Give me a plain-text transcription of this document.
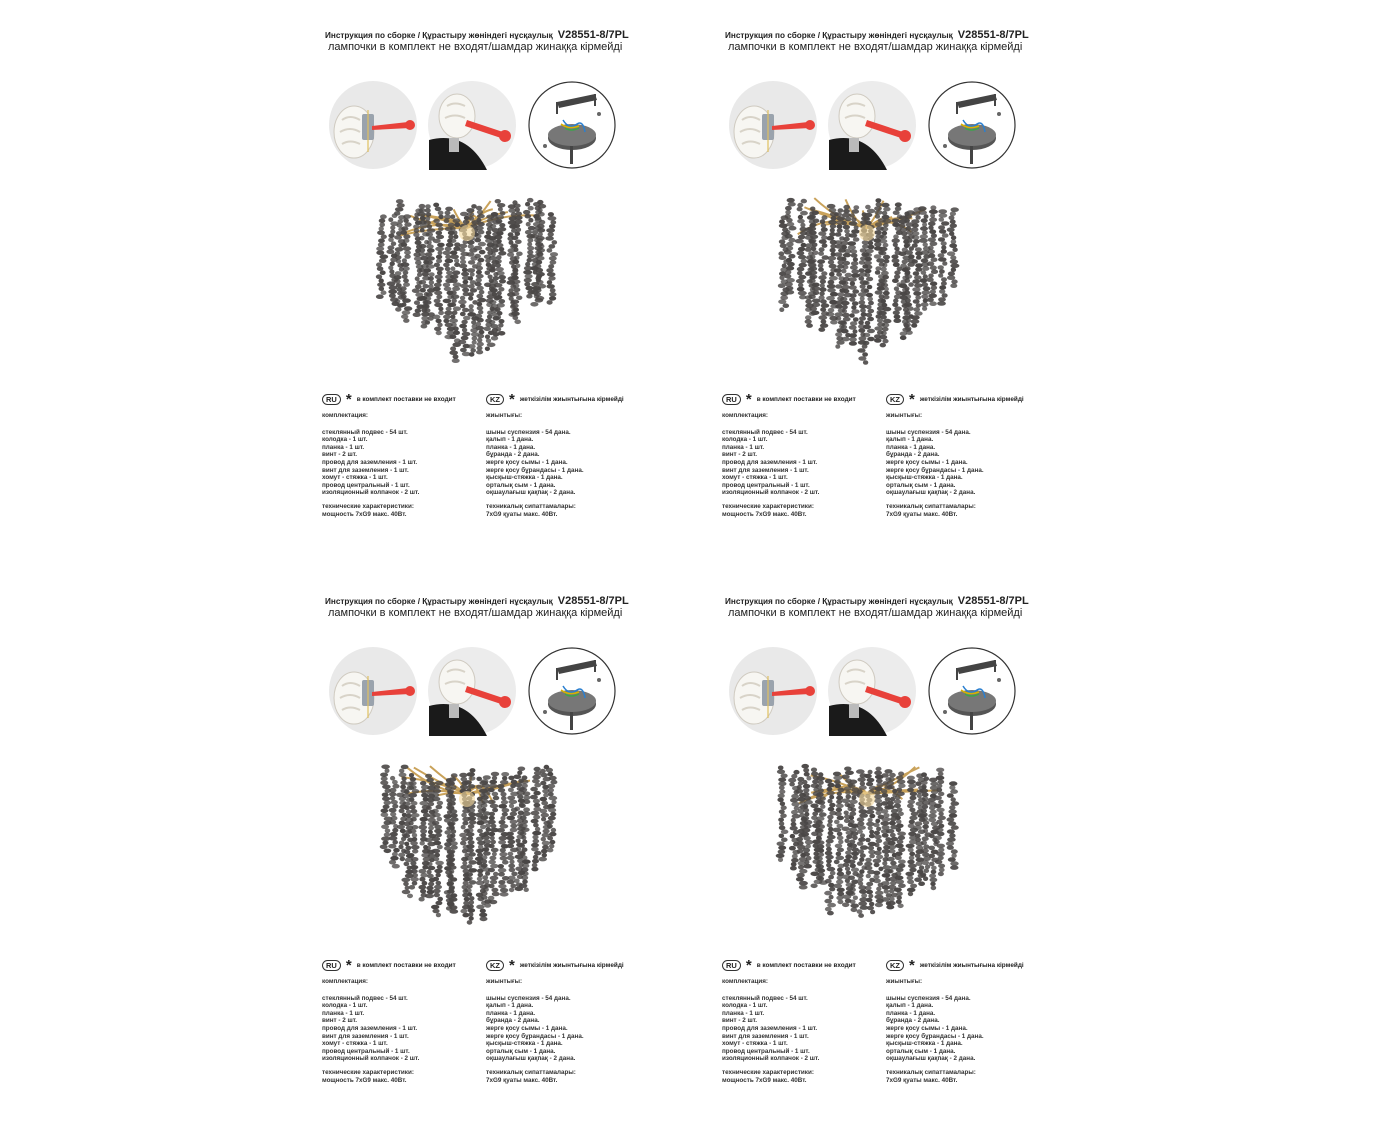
Инструкция по сборке / Құрастыру жөніндегі нұсқаулық V28551-8/7PL
лампочки в комплект не входят/шамдар жинаққа кірмейді
RU * в комплект поставки не входит	KZ * жеткізілім жиынтығына кірмейді
комплектация:
стеклянный подвес - 54 шт.
колодка - 1 шт.
планка - 1 шт.
винт - 2 шт.
провод для заземления - 1 шт.
винт для заземления - 1 шт.
хомут - стяжка - 1 шт.
провод центральный - 1 шт.
изоляционный колпачок - 2 шт.
технические характеристики:
мощность 7xG9 макс. 40Вт.
жиынтығы:
шыны суспензия - 54 дана.
қалып - 1 дана.
планка - 1 дана.
бұранда - 2 дана.
жерге қосу сымы - 1 дана.
жерге қосу бұрандасы - 1 дана.
қысқыш-стяжка - 1 дана.
орталық сым - 1 дана.
оқшаулағыш қақпақ - 2 дана.
техникалық сипаттамалары:
7xG9 қуаты макс. 40Вт.
Инструкция по сборке / Құрастыру жөніндегі нұсқаулық V28551-8/7PL
лампочки в комплект не входят/шамдар жинаққа кірмейді
RU * в комплект поставки не входит	KZ * жеткізілім жиынтығына кірмейді
комплектация:
стеклянный подвес - 54 шт.
колодка - 1 шт.
планка - 1 шт.
винт - 2 шт.
провод для заземления - 1 шт.
винт для заземления - 1 шт.
хомут - стяжка - 1 шт.
провод центральный - 1 шт.
изоляционный колпачок - 2 шт.
технические характеристики:
мощность 7xG9 макс. 40Вт.
жиынтығы:
шыны суспензия - 54 дана.
қалып - 1 дана.
планка - 1 дана.
бұранда - 2 дана.
жерге қосу сымы - 1 дана.
жерге қосу бұрандасы - 1 дана.
қысқыш-стяжка - 1 дана.
орталық сым - 1 дана.
оқшаулағыш қақпақ - 2 дана.
техникалық сипаттамалары:
7xG9 қуаты макс. 40Вт.
Инструкция по сборке / Құрастыру жөніндегі нұсқаулық V28551-8/7PL
лампочки в комплект не входят/шамдар жинаққа кірмейді
RU * в комплект поставки не входит	KZ * жеткізілім жиынтығына кірмейді
комплектация:
стеклянный подвес - 54 шт.
колодка - 1 шт.
планка - 1 шт.
винт - 2 шт.
провод для заземления - 1 шт.
винт для заземления - 1 шт.
хомут - стяжка - 1 шт.
провод центральный - 1 шт.
изоляционный колпачок - 2 шт.
технические характеристики:
мощность 7xG9 макс. 40Вт.
жиынтығы:
шыны суспензия - 54 дана.
қалып - 1 дана.
планка - 1 дана.
бұранда - 2 дана.
жерге қосу сымы - 1 дана.
жерге қосу бұрандасы - 1 дана.
қысқыш-стяжка - 1 дана.
орталық сым - 1 дана.
оқшаулағыш қақпақ - 2 дана.
техникалық сипаттамалары:
7xG9 қуаты макс. 40Вт.
Инструкция по сборке / Құрастыру жөніндегі нұсқаулық V28551-8/7PL
лампочки в комплект не входят/шамдар жинаққа кірмейді
RU * в комплект поставки не входит	KZ * жеткізілім жиынтығына кірмейді
комплектация:
стеклянный подвес - 54 шт.
колодка - 1 шт.
планка - 1 шт.
винт - 2 шт.
провод для заземления - 1 шт.
винт для заземления - 1 шт.
хомут - стяжка - 1 шт.
провод центральный - 1 шт.
изоляционный колпачок - 2 шт.
технические характеристики:
мощность 7xG9 макс. 40Вт.
жиынтығы:
шыны суспензия - 54 дана.
қалып - 1 дана.
планка - 1 дана.
бұранда - 2 дана.
жерге қосу сымы - 1 дана.
жерге қосу бұрандасы - 1 дана.
қысқыш-стяжка - 1 дана.
орталық сым - 1 дана.
оқшаулағыш қақпақ - 2 дана.
техникалық сипаттамалары:
7xG9 қуаты макс. 40Вт.
